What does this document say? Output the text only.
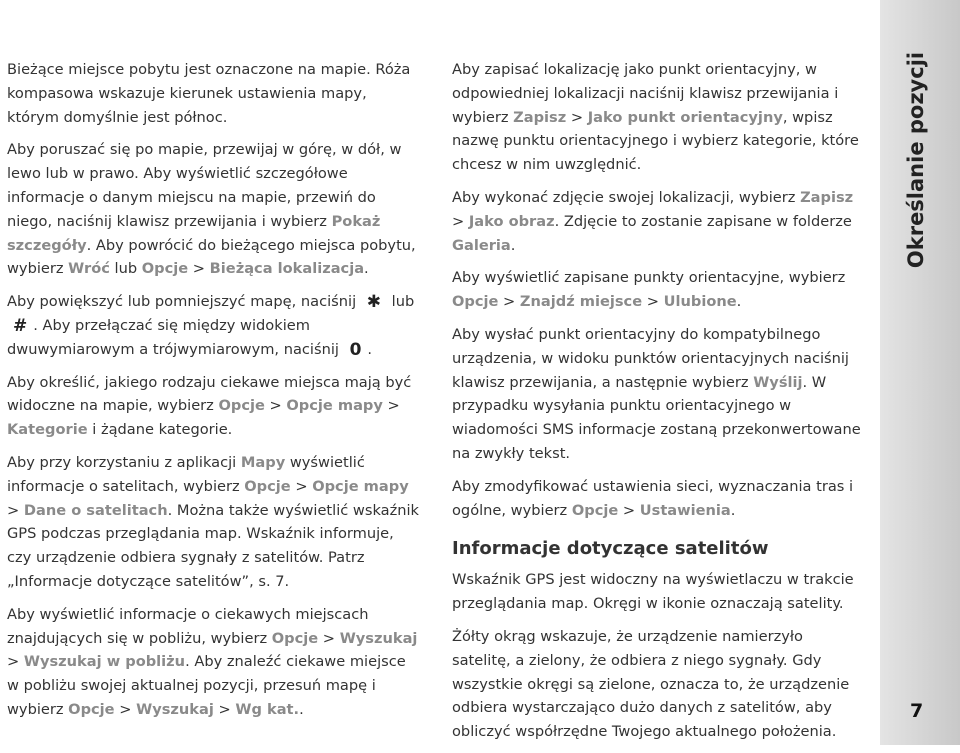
Bieżące miejsce pobytu jest oznaczone na mapie. Róża kompasowa wskazuje kierunek ustawienia mapy, którym domyślnie jest północ.

Aby poruszać się po mapie, przewijaj w górę, w dół, w lewo lub w prawo. Aby wyświetlić szczegółowe informacje o danym miejscu na mapie, przewiń do niego, naciśnij klawisz przewijania i wybierz Pokaż szczegóły. Aby powrócić do bieżącego miejsca pobytu, wybierz Wróć lub Opcje > Bieżąca lokalizacja.

Aby powiększyć lub pomniejszyć mapę, naciśnij ✱ lub # . Aby przełączać się między widokiem dwuwymiarowym a trójwymiarowym, naciśnij 0 .

Aby określić, jakiego rodzaju ciekawe miejsca mają być widoczne na mapie, wybierz Opcje > Opcje mapy > Kategorie i żądane kategorie.

Aby przy korzystaniu z aplikacji Mapy wyświetlić informacje o satelitach, wybierz Opcje > Opcje mapy > Dane o satelitach. Można także wyświetlić wskaźnik GPS podczas przeglądania map. Wskaźnik informuje, czy urządzenie odbiera sygnały z satelitów. Patrz „Informacje dotyczące satelitów”, s. 7.

Aby wyświetlić informacje o ciekawych miejscach znajdujących się w pobliżu, wybierz Opcje > Wyszukaj > Wyszukaj w pobliżu. Aby znaleźć ciekawe miejsce w pobliżu swojej aktualnej pozycji, przesuń mapę i wybierz Opcje > Wyszukaj > Wg kat..

Aby zapisać lokalizację jako punkt orientacyjny, w odpowiedniej lokalizacji naciśnij klawisz przewijania i wybierz Zapisz > Jako punkt orientacyjny, wpisz nazwę punktu orientacyjnego i wybierz kategorie, które chcesz w nim uwzględnić.

Aby wykonać zdjęcie swojej lokalizacji, wybierz Zapisz > Jako obraz. Zdjęcie to zostanie zapisane w folderze Galeria.

Aby wyświetlić zapisane punkty orientacyjne, wybierz Opcje > Znajdź miejsce > Ulubione.

Aby wysłać punkt orientacyjny do kompatybilnego urządzenia, w widoku punktów orientacyjnych naciśnij klawisz przewijania, a następnie wybierz Wyślij. W przypadku wysyłania punktu orientacyjnego w wiadomości SMS informacje zostaną przekonwertowane na zwykły tekst.

Aby zmodyfikować ustawienia sieci, wyznaczania tras i ogólne, wybierz Opcje > Ustawienia.

Informacje dotyczące satelitów

Wskaźnik GPS jest widoczny na wyświetlaczu w trakcie przeglądania map. Okręgi w ikonie oznaczają satelity.

Żółty okrąg wskazuje, że urządzenie namierzyło satelitę, a zielony, że odbiera z niego sygnały. Gdy wszystkie okręgi są zielone, oznacza to, że urządzenie odbiera wystarczająco dużo danych z satelitów, aby obliczyć współrzędne Twojego aktualnego położenia.

Określanie pozycji
7
